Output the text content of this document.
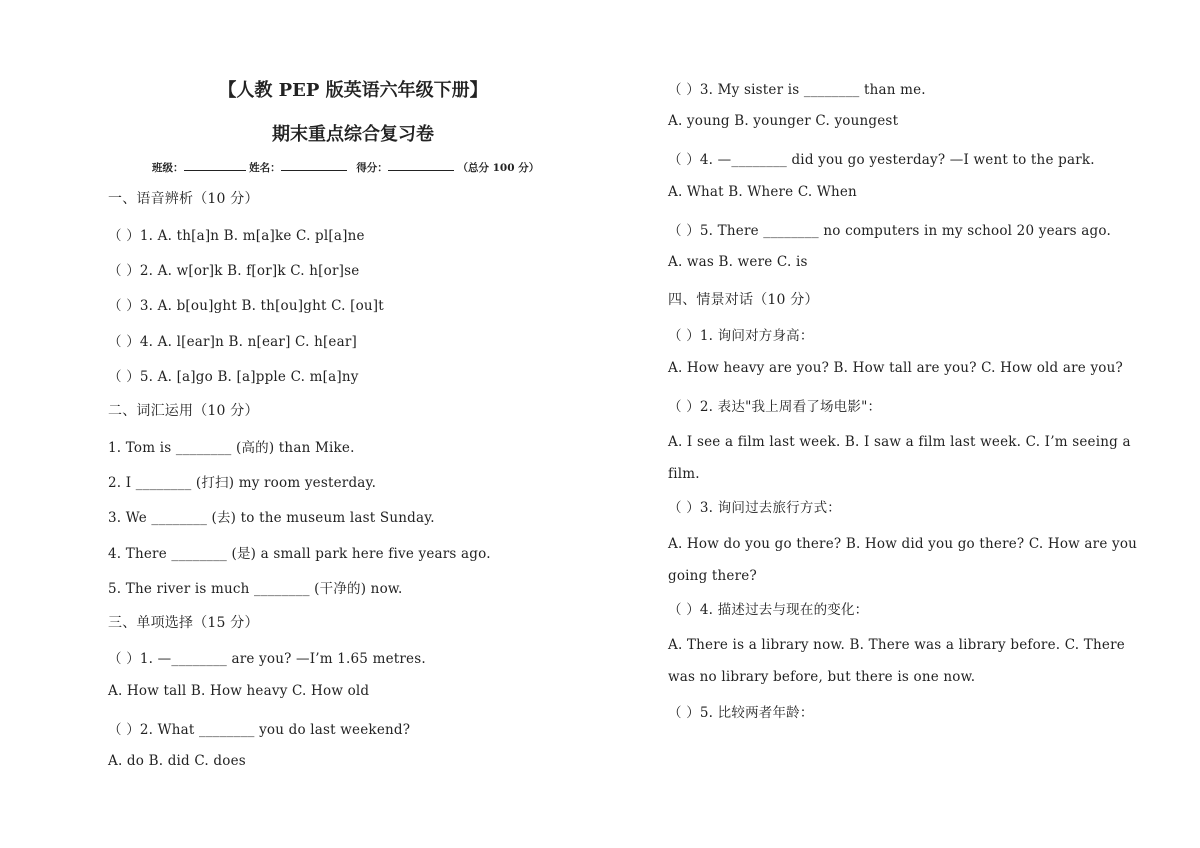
【人教 PEP 版英语六年级下册】
期末重点综合复习卷
班级：	姓名：	得分：	（总分 100 分）
一、语音辨析（10 分）
（ ）1. A. th[a]n B. m[a]ke C. pl[a]ne
（ ）2. A. w[or]k B. f[or]k C. h[or]se
（ ）3. A. b[ou]ght B. th[ou]ght C. [ou]t
（ ）4. A. l[ear]n B. n[ear] C. h[ear]
（ ）5. A. [a]go B. [a]pple C. m[a]ny
二、词汇运用（10 分）
1. Tom is ________ (高的) than Mike.
2. I ________ (打扫) my room yesterday.
3. We ________ (去) to the museum last Sunday.
4. There ________ (是) a small park here five years ago.
5. The river is much ________ (干净的) now.
三、单项选择（15 分）
（ ）1. —________ are you? —I’m 1.65 metres.
A. How tall B. How heavy C. How old
（ ）2. What ________ you do last weekend?
A. do B. did C. does
（ ）3. My sister is ________ than me.
A. young B. younger C. youngest
（ ）4. —________ did you go yesterday? —I went to the park.
A. What B. Where C. When
（ ）5. There ________ no computers in my school 20 years ago.
A. was B. were C. is
四、情景对话（10 分）
（ ）1. 询问对方身高：
A. How heavy are you? B. How tall are you? C. How old are you?
（ ）2. 表达"我上周看了场电影"：
A. I see a film last week. B. I saw a film last week. C. I’m seeing a film.
（ ）3. 询问过去旅行方式：
A. How do you go there? B. How did you go there? C. How are you going there?
（ ）4. 描述过去与现在的变化：
A. There is a library now. B. There was a library before. C. There was no library before, but there is one now.
（ ）5. 比较两者年龄：
